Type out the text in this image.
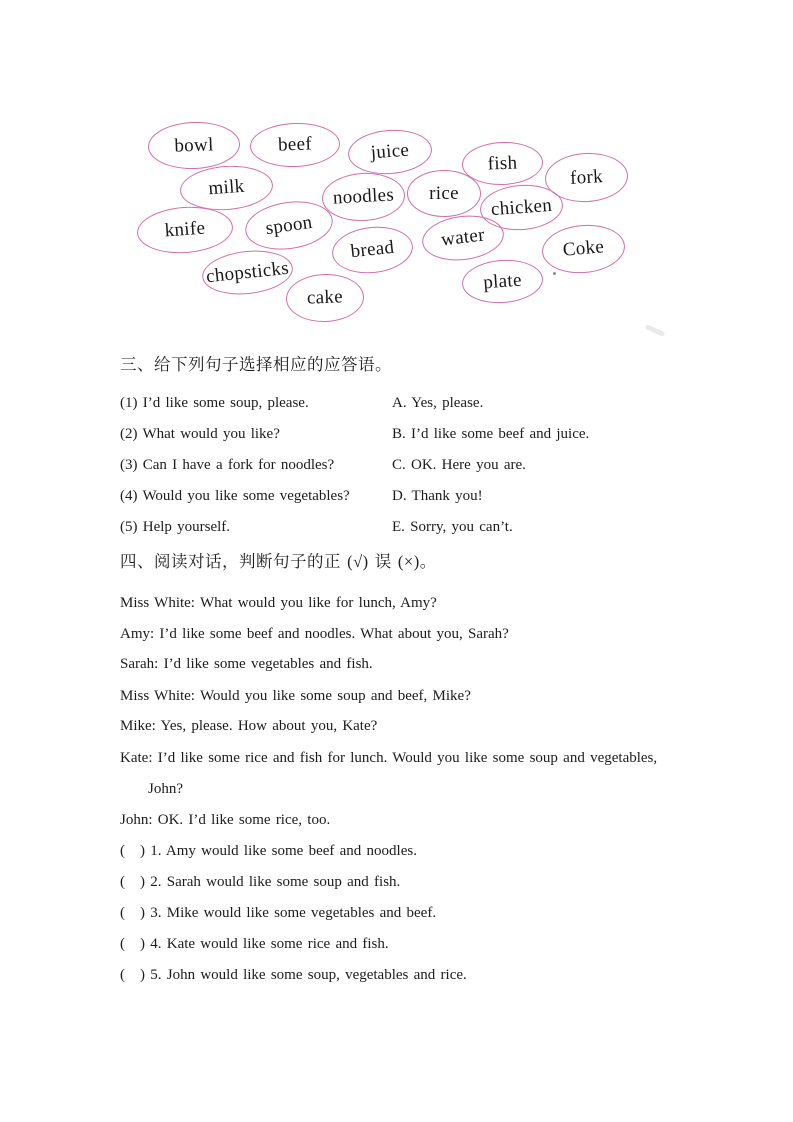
bowl	beef	juice	fish
fork
milk	noodles rice
chicken
knife	spoon	water	Coke
bread
chopsticks	plate
cake
三、给下列句子选择相应的应答语。
(1) I’d like some soup, please.	A. Yes, please.
(2) What would you like?	B. I’d like some beef and juice.
(3) Can I have a fork for noodles?	C. OK. Here you are.
(4) Would you like some vegetables?	D. Thank you!
(5) Help yourself.	E. Sorry, you can’t.
四、阅读对话，判断句子的正 (√) 误 (×)。
Miss White: What would you like for lunch, Amy?
Amy: I’d like some beef and noodles. What about you, Sarah?
Sarah: I’d like some vegetables and fish.
Miss White: Would you like some soup and beef, Mike?
Mike: Yes, please. How about you, Kate?
Kate: I’d like some rice and fish for lunch. Would you like some soup and vegetables,
John?
John: OK. I’d like some rice, too.
(　) 1. Amy would like some beef and noodles.
(　) 2. Sarah would like some soup and fish.
(　) 3. Mike would like some vegetables and beef.
(　) 4. Kate would like some rice and fish.
(　) 5. John would like some soup, vegetables and rice.
